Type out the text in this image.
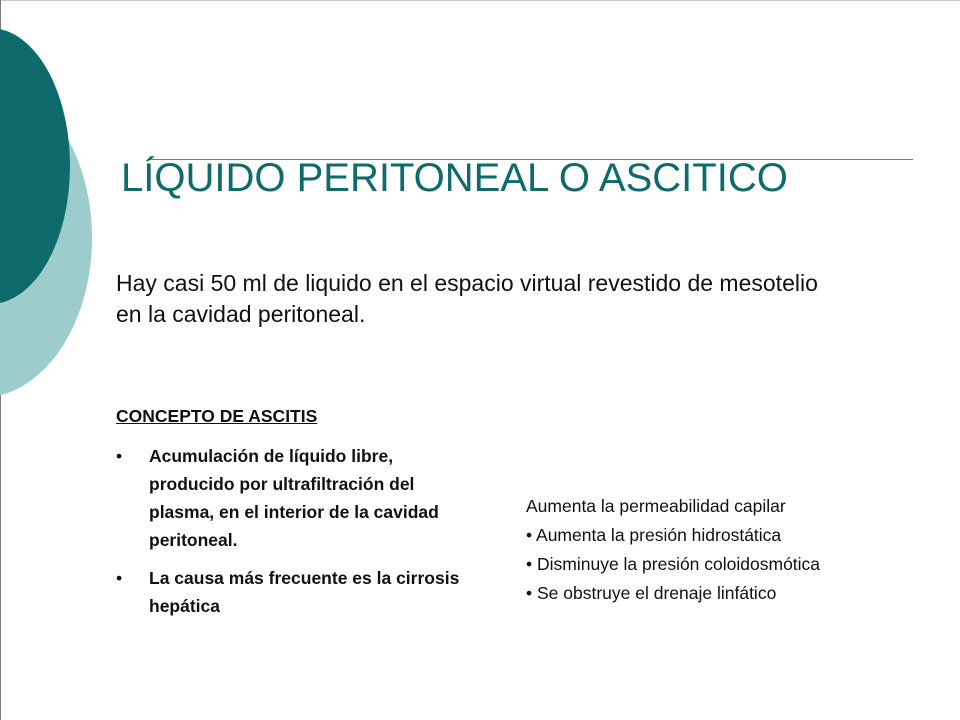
LÍQUIDO PERITONEAL O ASCITICO

Hay casi 50 ml de liquido en el espacio virtual revestido de mesotelio en la cavidad peritoneal.

CONCEPTO DE ASCITIS
• Acumulación de líquido libre, producido por ultrafiltración del plasma, en el interior de la cavidad peritoneal.
• La causa más frecuente es la cirrosis hepática
Aumenta la permeabilidad capilar
• Aumenta la presión hidrostática
• Disminuye la presión coloidosmótica
• Se obstruye el drenaje linfático
